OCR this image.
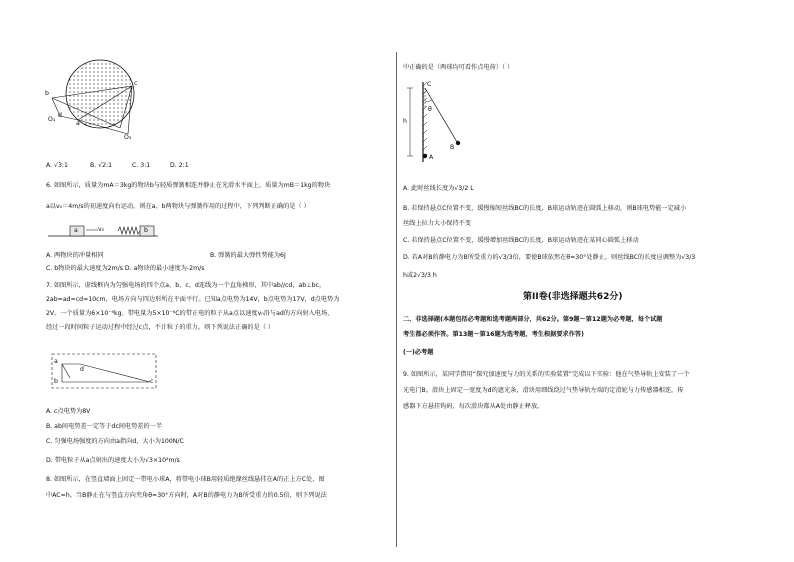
b
c
d
a
O₁
O₂
A. √3:1	B. √2:1	C. 3:1	D. 2:1
6. 如图所示，质量为mA＝3kg的物块b与轻质弹簧相连并静止在光滑水平面上，质量为mB＝1kg的物块
a以v₀＝4m/s的初速度向右运动。则在a、b两物块与弹簧作用的过程中，下列判断正确的是（ ）
a	v₀	b
A. 两物块的冲量相同	B. 弹簧的最大弹性势能为6J
C. b物块的最大速度为2m/s D. a物块的最小速度为-2m/s
7. 如图所示，虚线框内为匀强电场的四个点a、b、c、d连线为一个直角梯形，其中ab//cd，ab⊥bc，
2ab=ad=cd=10cm，电场方向与四边形所在平面平行。已知a点电势为14V，b点电势为17V，d点电势为
2V。一个质量为6×10⁻⁶kg、带电量为5×10⁻⁶C的带正电的粒子从a点以速度v₀沿与ad的方向射入电场，
经过一段时间粒子运动过程中经过c点，不计粒子的重力。则下列说法正确的是（ ）
a
b	c
d
A. c点电势为8V
B. ab间电势差一定等于dc间电势差的一半
C. 匀强电场强度的方向由a指向d，大小为100N/C
D. 带电粒子从a点射出的速度大小为√3×10²m/s
8. 如图所示，在竖直墙面上固定一带电小球A，将带电小球B用轻质绝缘丝线悬挂在A的正上方C处，图
中AC=h。当B静止在与竖直方向夹角θ=30°方向时，A对B的静电力为B所受重力的0.5倍，则下列说法
中正确的是（两球均可看作点电荷）（ ）
C
θ
h
B
A
A. 此时丝线长度为√3/2 L
B. 若保持悬点C位置不变，缓慢缩短丝线BC的长度，B球运动轨迹在圆弧上移动，则B球电势能一定减小
丝线上拉力大小保持不变
C. 若保持悬点C位置不变，缓慢增加丝线BC的长度，B球运动轨迹在某同心圆弧上移动
D. 若A对B的静电力为B所受重力的√3/3倍，要使B球依然在θ=30°处静止，则丝线BC的长度应调整为√3/3
h或2√3/3 h
第II卷(非选择题共62分)
二、非选择题(本题包括必考题和选考题两部分，共62分。第9题～第12题为必考题，每个试题
考生都必须作答。第13题～第16题为选考题，考生根据要求作答)
(一)必考题
9. 如图所示，某同学借用“探究加速度与力的关系的实验装置”完成以下实验：他在气垫导轨上安装了一个
光电门B。滑块上固定一宽度为d的遮光条，滑块用细线绕过气垫导轨左端的定滑轮与力传感器相连，传
感器下方悬挂钩码，每次滑块都从A处由静止释放。
